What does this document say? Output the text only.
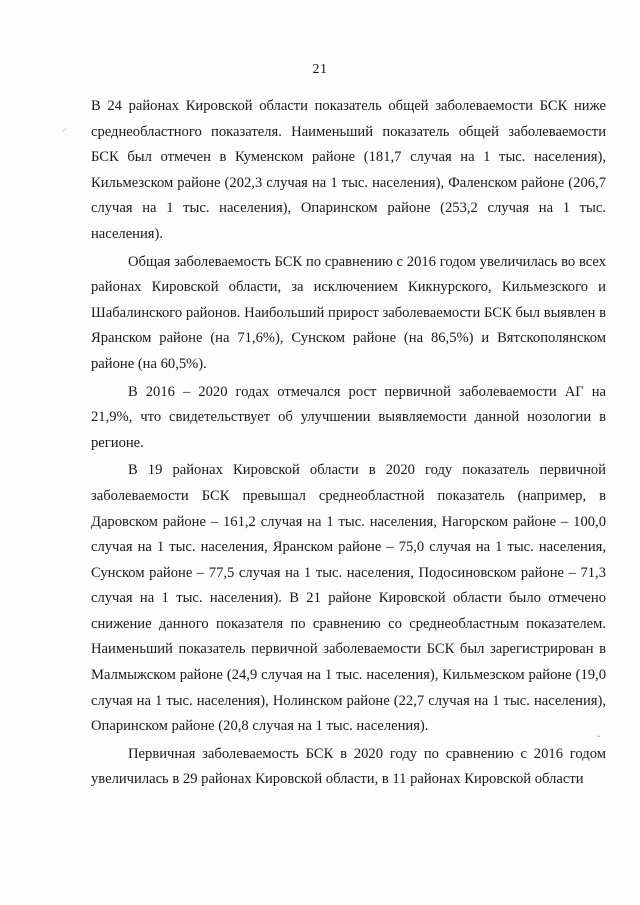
21

В 24 районах Кировской области показатель общей заболеваемости БСК ниже среднеобластного показателя. Наименьший показатель общей заболеваемости БСК был отмечен в Куменском районе (181,7 случая на 1 тыс. населения), Кильмезском районе (202,3 случая на 1 тыс. населения), Фаленском районе (206,7 случая на 1 тыс. населения), Опаринском районе (253,2 случая на 1 тыс. населения).

Общая заболеваемость БСК по сравнению с 2016 годом увеличилась во всех районах Кировской области, за исключением Кикнурского, Кильмезского и Шабалинского районов. Наибольший прирост заболеваемости БСК был выявлен в Яранском районе (на 71,6%), Сунском районе (на 86,5%) и Вятскополянском районе (на 60,5%).

В 2016 – 2020 годах отмечался рост первичной заболеваемости АГ на 21,9%, что свидетельствует об улучшении выявляемости данной нозологии в регионе.

В 19 районах Кировской области в 2020 году показатель первичной заболеваемости БСК превышал среднеобластной показатель (например, в Даровском районе – 161,2 случая на 1 тыс. населения, Нагорском районе – 100,0 случая на 1 тыс. населения, Яранском районе – 75,0 случая на 1 тыс. населения, Сунском районе – 77,5 случая на 1 тыс. населения, Подосиновском районе – 71,3 случая на 1 тыс. населения). В 21 районе Кировской области было отмечено снижение данного показателя по сравнению со среднеобластным показателем. Наименьший показатель первичной заболеваемости БСК был зарегистрирован в Малмыжском районе (24,9 случая на 1 тыс. населения), Кильмезском районе (19,0 случая на 1 тыс. населения), Нолинском районе (22,7 случая на 1 тыс. населения), Опаринском районе (20,8 случая на 1 тыс. населения).

Первичная заболеваемость БСК в 2020 году по сравнению с 2016 годом увеличилась в 29 районах Кировской области, в 11 районах Кировской области

⸝
ˇ
